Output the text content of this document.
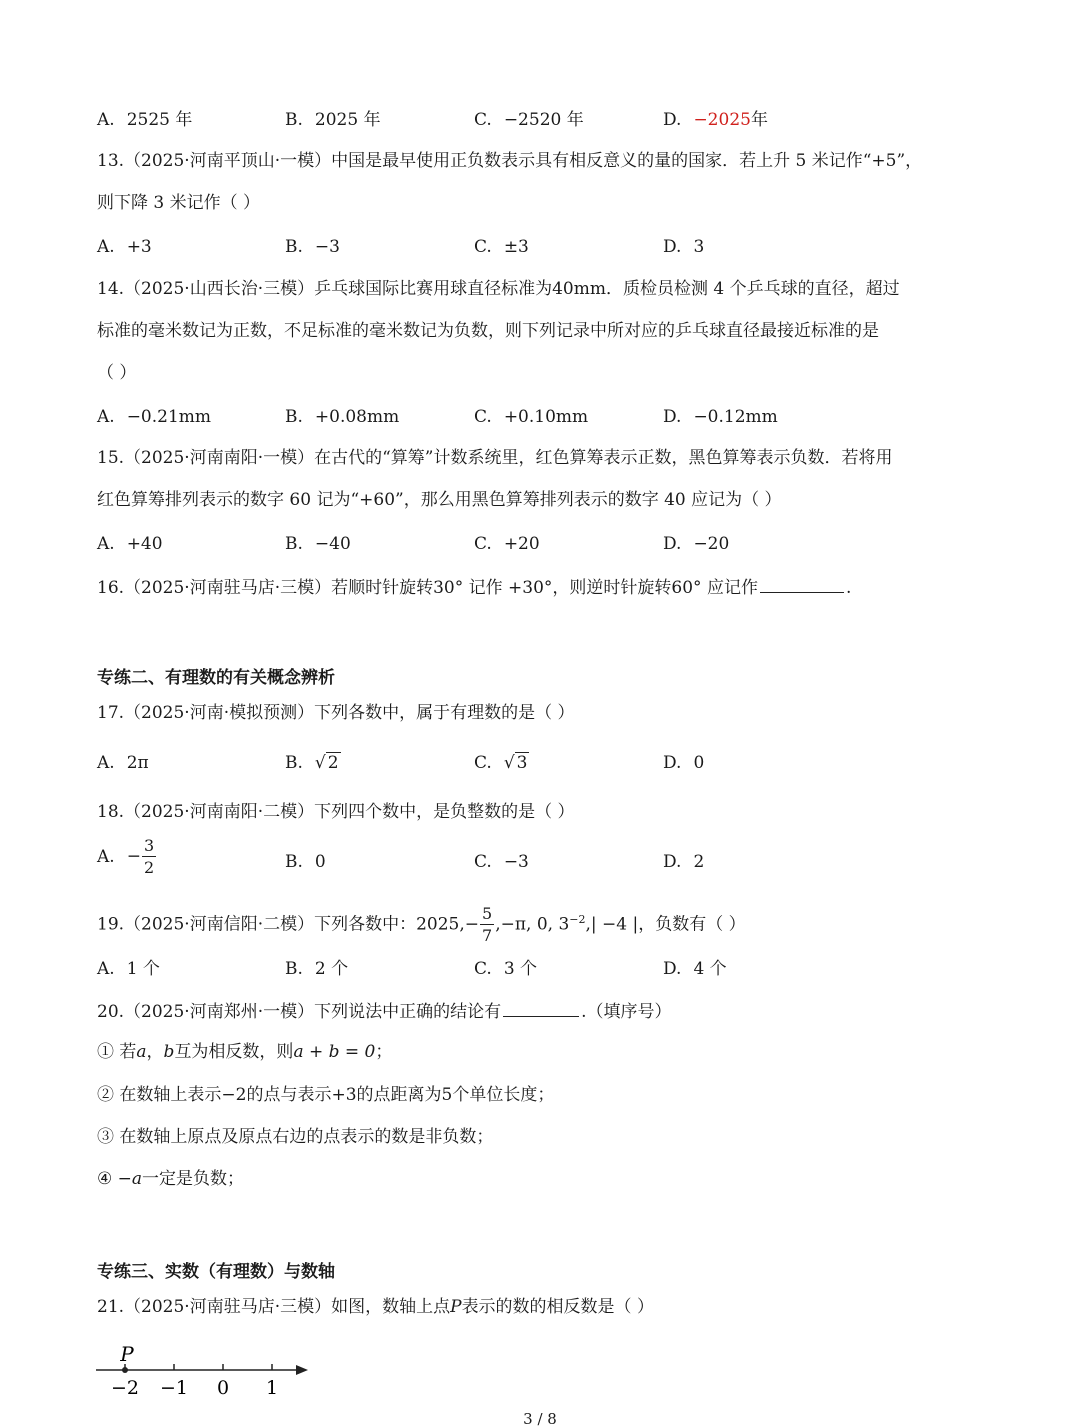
A. 2525 年	B. 2025 年	C. −2520 年	D. −2025年
13.（2025·河南平顶山·一模）中国是最早使用正负数表示具有相反意义的量的国家．若上升 5 米记作“+5”，
则下降 3 米记作（ ）
A. +3	B. −3	C. ±3	D. 3
14.（2025·山西长治·三模）乒乓球国际比赛用球直径标准为40mm．质检员检测 4 个乒乓球的直径，超过
标准的毫米数记为正数，不足标准的毫米数记为负数，则下列记录中所对应的乒乓球直径最接近标准的是
（ ）
A. −0.21mm	B. +0.08mm	C. +0.10mm	D. −0.12mm
15.（2025·河南南阳·一模）在古代的“算筹”计数系统里，红色算筹表示正数，黑色算筹表示负数．若将用
红色算筹排列表示的数字 60 记为“+60”，那么用黑色算筹排列表示的数字 40 应记为（ ）
A. +40	B. −40	C. +20	D. −20
16.（2025·河南驻马店·三模）若顺时针旋转30° 记作 +30°，则逆时针旋转60° 应记作	.
专练二、有理数的有关概念辨析
17.（2025·河南·模拟预测）下列各数中，属于有理数的是（ ）
A. 2π	B. √ 2	C. √ 3	D. 0
18.（2025·河南南阳·二模）下列四个数中，是负整数的是（ ）
A. − $\frac{3}{2}$	B. 0	C. −3	D. 2
19.（2025·河南信阳·二模）下列各数中：$2025,- \frac{5}{7} ,-\pi$, 0, $3^{-2},| -4$ |，负数有（ ）
A. 1 个	B. 2 个	C. 3 个	D. 4 个
20.（2025·河南郑州·一模）下列说法中正确的结论有	.（填序号）
① 若a，b互为相反数，则a + b = 0；
② 在数轴上表示−2的点与表示+3的点距离为5个单位长度；
③ 在数轴上原点及原点右边的点表示的数是非负数；
④ −a一定是负数；
专练三、实数（有理数）与数轴
21.（2025·河南驻马店·三模）如图，数轴上点P表示的数的相反数是（ ）
−2 −1 0 1
P
3 / 8
